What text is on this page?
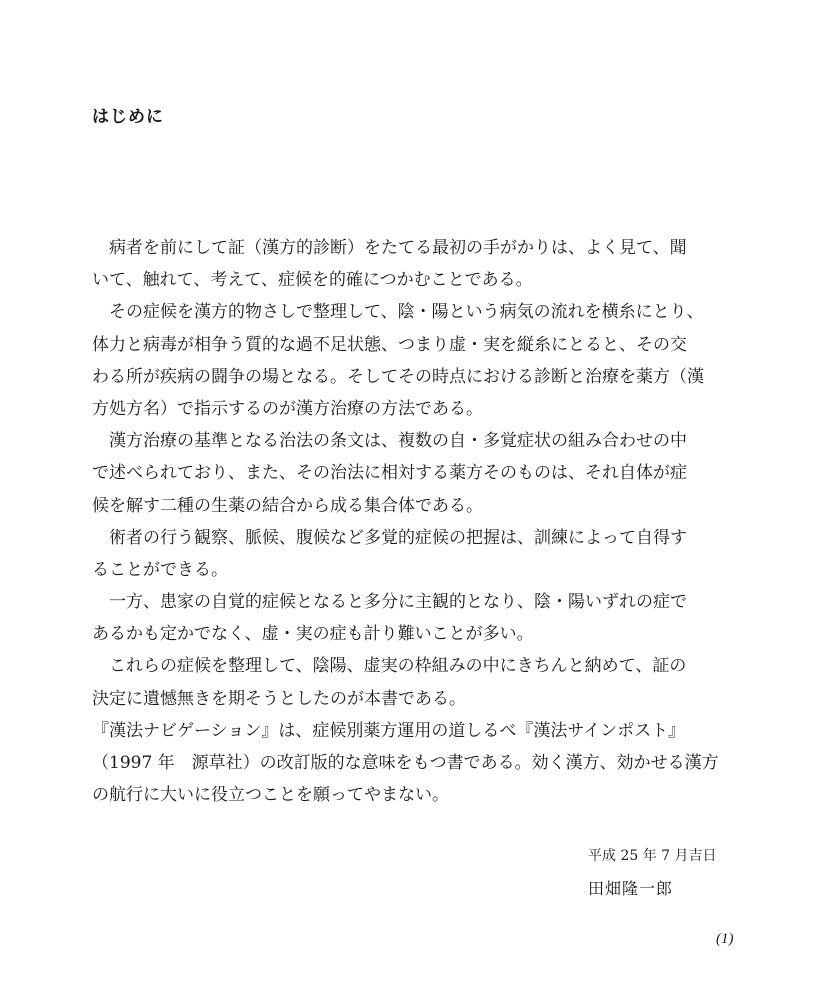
はじめに
　病者を前にして証（漢方的診断）をたてる最初の手がかりは、よく見て、聞
いて、触れて、考えて、症候を的確につかむことである。
　その症候を漢方的物さしで整理して、陰・陽という病気の流れを横糸にとり、
体力と病毒が相争う質的な過不足状態、つまり虚・実を縦糸にとると、その交
わる所が疾病の闘争の場となる。そしてその時点における診断と治療を薬方（漢
方処方名）で指示するのが漢方治療の方法である。
　漢方治療の基準となる治法の条文は、複数の自・多覚症状の組み合わせの中
で述べられており、また、その治法に相対する薬方そのものは、それ自体が症
候を解す二種の生薬の結合から成る集合体である。
　術者の行う観察、脈候、腹候など多覚的症候の把握は、訓練によって自得す
ることができる。
　一方、患家の自覚的症候となると多分に主観的となり、陰・陽いずれの症で
あるかも定かでなく、虚・実の症も計り難いことが多い。
　これらの症候を整理して、陰陽、虚実の枠組みの中にきちんと納めて、証の
決定に遺憾無きを期そうとしたのが本書である。
『漢法ナビゲーション』は、症候別薬方運用の道しるべ『漢法サインポスト』
（1997 年　源草社）の改訂版的な意味をもつ書である。効く漢方、効かせる漢方
の航行に大いに役立つことを願ってやまない。
平成 25 年 7 月吉日
田畑隆一郎
(1)
